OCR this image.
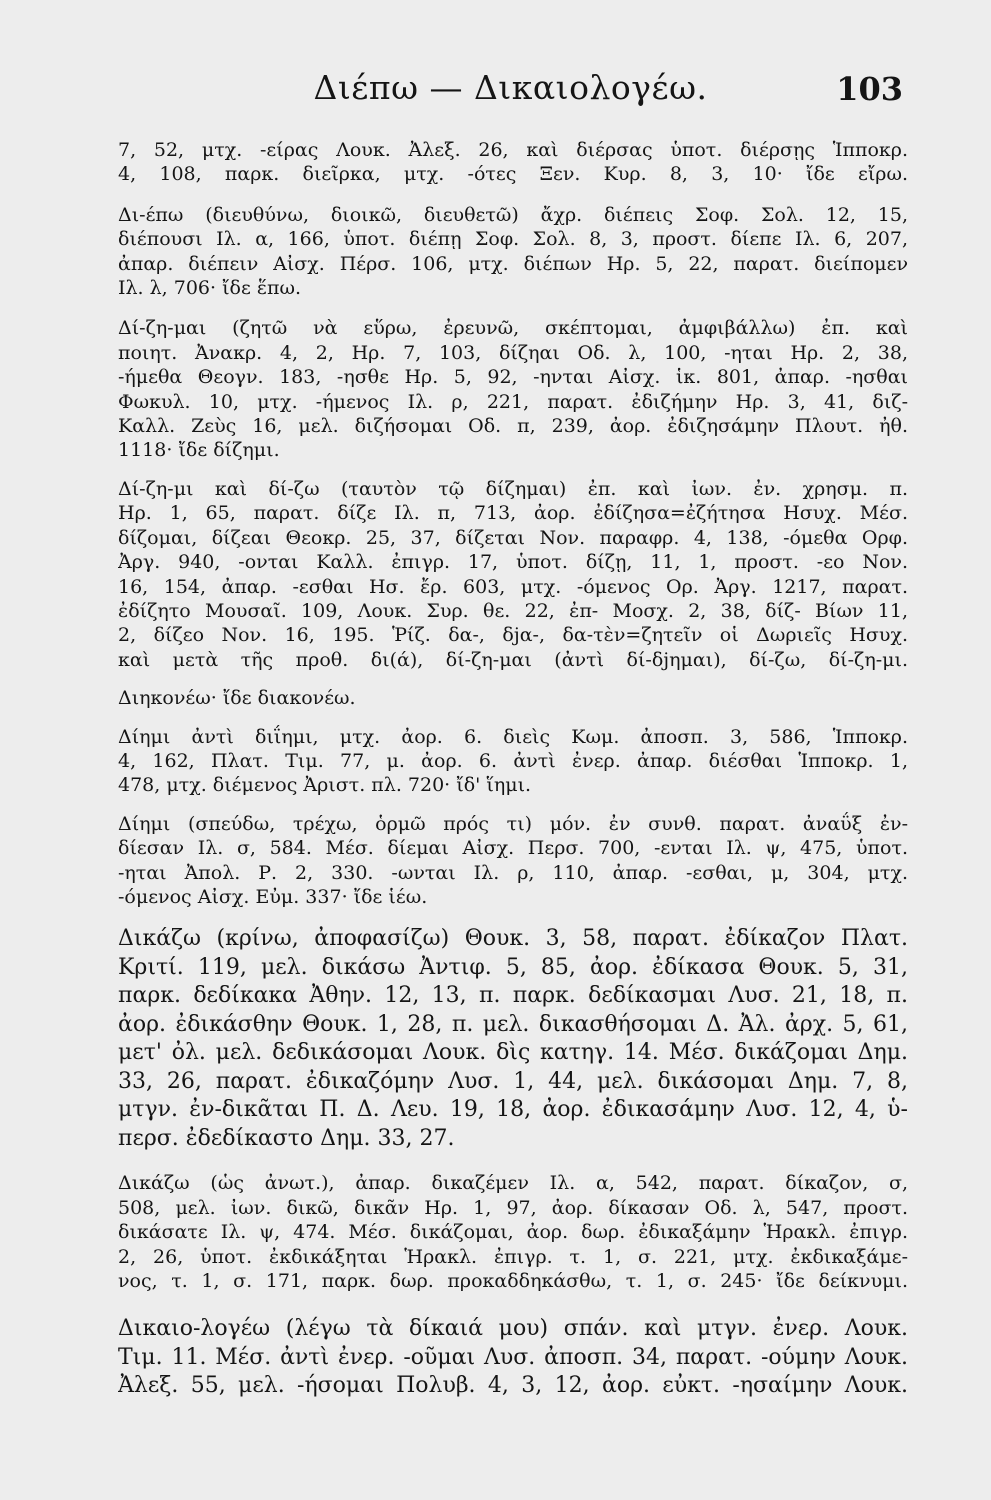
Διέπω — Δικαιολογέω.	103
7, 52, μτχ. -είρας Λουκ. Ἀλεξ. 26, καὶ διέρσας ὑποτ. διέρσῃς Ἱπποκρ.
4, 108, παρκ. διεῖρκα, μτχ. -ότες Ξεν. Κυρ. 8, 3, 10· ἴδε εἴρω.
Δι-έπω (διευθύνω, διοικῶ, διευθετῶ) ἄχρ. διέπεις Σοφ. Σολ. 12, 15,
διέπουσι Ιλ. α, 166, ὑποτ. διέπῃ Σοφ. Σολ. 8, 3, προστ. δίεπε Ιλ. 6, 207,
ἀπαρ. διέπειν Αἰσχ. Πέρσ. 106, μτχ. διέπων Ηρ. 5, 22, παρατ. διείπομεν
Ιλ. λ, 706· ἴδε ἕπω.
Δί-ζη-μαι (ζητῶ νὰ εὕρω, ἐρευνῶ, σκέπτομαι, ἀμφιβάλλω) ἐπ. καὶ
ποιητ. Ἀνακρ. 4, 2, Ηρ. 7, 103, δίζηαι Οδ. λ, 100, -ηται Ηρ. 2, 38,
-ήμεθα Θεογν. 183, -ησθε Ηρ. 5, 92, -ηνται Αἰσχ. ἱκ. 801, ἀπαρ. -ησθαι
Φωκυλ. 10, μτχ. -ήμενος Ιλ. ρ, 221, παρατ. ἐδιζήμην Ηρ. 3, 41, διζ-
Καλλ. Ζεὺς 16, μελ. διζήσομαι Οδ. π, 239, ἀορ. ἐδιζησάμην Πλουτ. ἠθ.
1118· ἴδε δίζημι.
Δί-ζη-μι καὶ δί-ζω (ταυτὸν τῷ δίζημαι) ἐπ. καὶ ἰων. ἐν. χρησμ. π.
Ηρ. 1, 65, παρατ. δίζε Ιλ. π, 713, ἀορ. ἐδίζησα=ἐζήτησα Ησυχ. Μέσ.
δίζομαι, δίζεαι Θεοκρ. 25, 37, δίζεται Νον. παραφρ. 4, 138, -όμεθα Ορφ.
Ἀργ. 940, -ονται Καλλ. ἐπιγρ. 17, ὑποτ. δίζῃ, 11, 1, προστ. -εο Νον.
16, 154, ἀπαρ. -εσθαι Ησ. ἔρ. 603, μτχ. -όμενος Ορ. Ἀργ. 1217, παρατ.
ἐδίζητο Μουσαῖ. 109, Λουκ. Συρ. θε. 22, ἐπ- Μοσχ. 2, 38, δίζ- Βίων 11,
2, δίζεο Νον. 16, 195. Ῥίζ. δα-, δjα-, δα-τὲν=ζητεῖν οἱ Δωριεῖς Ησυχ.
καὶ μετὰ τῆς προθ. δι(ά), δί-ζη-μαι (ἀντὶ δί-δjημαι), δί-ζω, δί-ζη-μι.
Διηκονέω· ἴδε διακονέω.
Δίημι ἀντὶ διΐημι, μτχ. ἀορ. 6. διεὶς Κωμ. ἀποσπ. 3, 586, Ἱπποκρ.
4, 162, Πλατ. Τιμ. 77, μ. ἀορ. 6. ἀντὶ ἐνερ. ἀπαρ. διέσθαι Ἱπποκρ. 1,
478, μτχ. διέμενος Ἀριστ. πλ. 720· ἴδ' ἵημι.
Δίημι (σπεύδω, τρέχω, ὁρμῶ πρός τι) μόν. ἐν συνθ. παρατ. ἀναΰξ ἐν-
δίεσαν Ιλ. σ, 584. Μέσ. δίεμαι Αἰσχ. Περσ. 700, -ενται Ιλ. ψ, 475, ὑποτ.
-ηται Ἀπολ. Ρ. 2, 330. -ωνται Ιλ. ρ, 110, ἀπαρ. -εσθαι, μ, 304, μτχ.
-όμενος Αἰσχ. Εὐμ. 337· ἴδε ἱέω.
Δικάζω (κρίνω, ἀποφασίζω) Θουκ. 3, 58, παρατ. ἐδίκαζον Πλατ.
Κριτί. 119, μελ. δικάσω Ἀντιφ. 5, 85, ἀορ. ἐδίκασα Θουκ. 5, 31,
παρκ. δεδίκακα Ἀθην. 12, 13, π. παρκ. δεδίκασμαι Λυσ. 21, 18, π.
ἀορ. ἐδικάσθην Θουκ. 1, 28, π. μελ. δικασθήσομαι Δ. Ἀλ. ἀρχ. 5, 61,
μετ' ὀλ. μελ. δεδικάσομαι Λουκ. δὶς κατηγ. 14. Μέσ. δικάζομαι Δημ.
33, 26, παρατ. ἐδικαζόμην Λυσ. 1, 44, μελ. δικάσομαι Δημ. 7, 8,
μτγν. ἐν-δικᾶται Π. Δ. Λευ. 19, 18, ἀορ. ἐδικασάμην Λυσ. 12, 4, ὑ-
περσ. ἐδεδίκαστο Δημ. 33, 27.
Δικάζω (ὡς ἀνωτ.), ἀπαρ. δικαζέμεν Ιλ. α, 542, παρατ. δίκαζον, σ,
508, μελ. ἰων. δικῶ, δικᾶν Ηρ. 1, 97, ἀορ. δίκασαν Οδ. λ, 547, προστ.
δικάσατε Ιλ. ψ, 474. Μέσ. δικάζομαι, ἀορ. δωρ. ἐδικαξάμην Ἡρακλ. ἐπιγρ.
2, 26, ὑποτ. ἐκδικάξηται Ἡρακλ. ἐπιγρ. τ. 1, σ. 221, μτχ. ἐκδικαξάμε-
νος, τ. 1, σ. 171, παρκ. δωρ. προκαδδηκάσθω, τ. 1, σ. 245· ἴδε δείκνυμι.
Δικαιο-λογέω (λέγω τὰ δίκαιά μου) σπάν. καὶ μτγν. ἐνερ. Λουκ.
Τιμ. 11. Μέσ. ἀντὶ ἐνερ. -οῦμαι Λυσ. ἀποσπ. 34, παρατ. -ούμην Λουκ.
Ἀλεξ. 55, μελ. -ήσομαι Πολυβ. 4, 3, 12, ἀορ. εὐκτ. -ησαίμην Λουκ.
